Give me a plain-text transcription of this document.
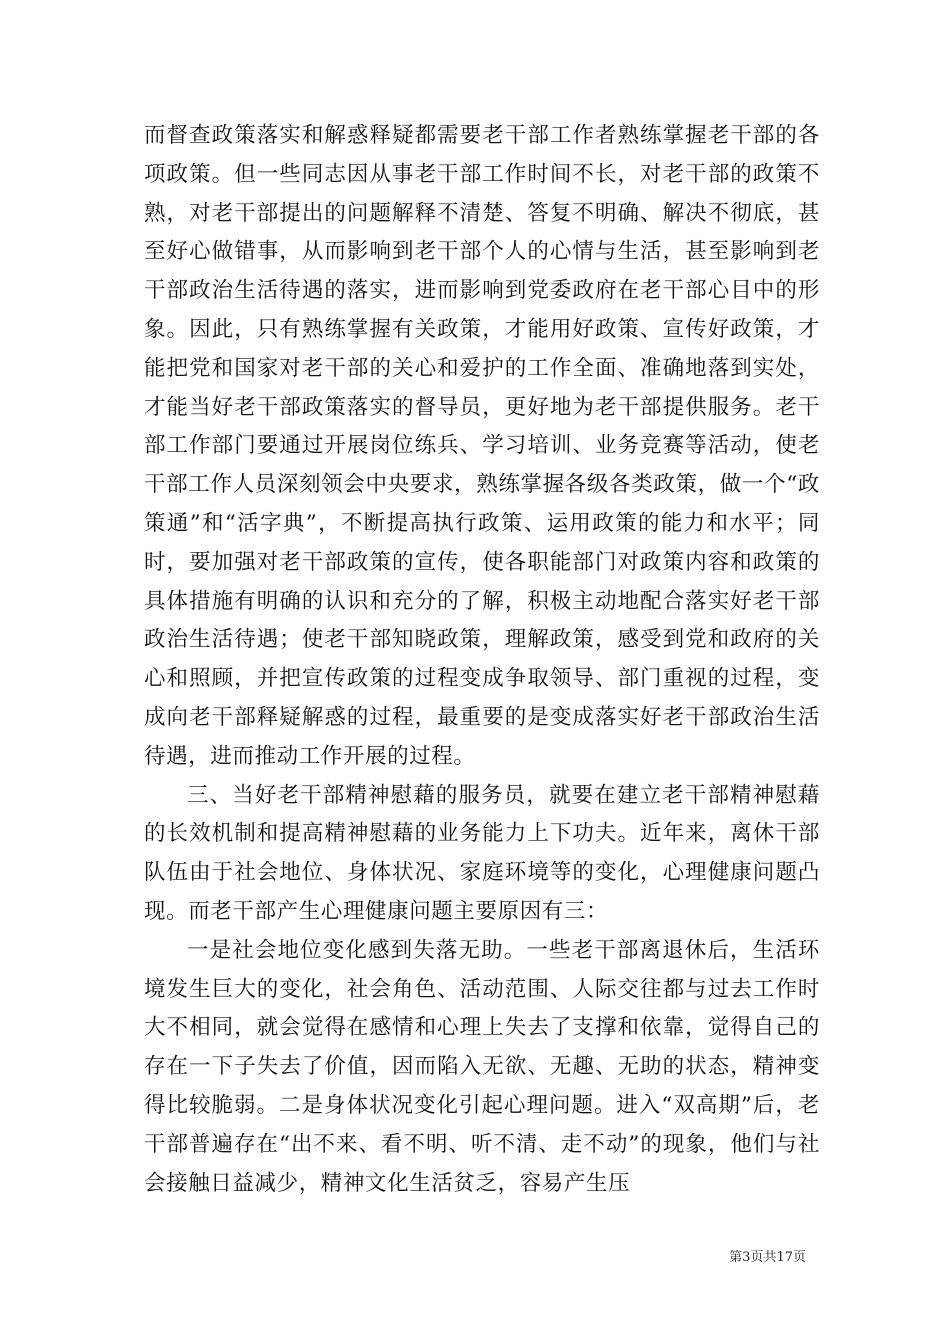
而督查政策落实和解惑释疑都需要老干部工作者熟练掌握老干部的各项政策。但一些同志因从事老干部工作时间不长，对老干部的政策不熟，对老干部提出的问题解释不清楚、答复不明确、解决不彻底，甚至好心做错事，从而影响到老干部个人的心情与生活，甚至影响到老干部政治生活待遇的落实，进而影响到党委政府在老干部心目中的形象。因此，只有熟练掌握有关政策，才能用好政策、宣传好政策，才能把党和国家对老干部的关心和爱护的工作全面、准确地落到实处，才能当好老干部政策落实的督导员，更好地为老干部提供服务。老干部工作部门要通过开展岗位练兵、学习培训、业务竞赛等活动，使老干部工作人员深刻领会中央要求，熟练掌握各级各类政策，做一个“政策通”和“活字典”，不断提高执行政策、运用政策的能力和水平；同时，要加强对老干部政策的宣传，使各职能部门对政策内容和政策的具体措施有明确的认识和充分的了解，积极主动地配合落实好老干部政治生活待遇；使老干部知晓政策，理解政策，感受到党和政府的关心和照顾，并把宣传政策的过程变成争取领导、部门重视的过程，变成向老干部释疑解惑的过程，最重要的是变成落实好老干部政治生活待遇，进而推动工作开展的过程。

三、当好老干部精神慰藉的服务员，就要在建立老干部精神慰藉的长效机制和提高精神慰藉的业务能力上下功夫。近年来，离休干部队伍由于社会地位、身体状况、家庭环境等的变化，心理健康问题凸现。而老干部产生心理健康问题主要原因有三：

一是社会地位变化感到失落无助。一些老干部离退休后，生活环境发生巨大的变化，社会角色、活动范围、人际交往都与过去工作时大不相同，就会觉得在感情和心理上失去了支撑和依靠，觉得自己的存在一下子失去了价值，因而陷入无欲、无趣、无助的状态，精神变得比较脆弱。二是身体状况变化引起心理问题。进入“双高期”后，老干部普遍存在“出不来、看不明、听不清、走不动”的现象，他们与社会接触日益减少，精神文化生活贫乏，容易产生压

第3页共17页
